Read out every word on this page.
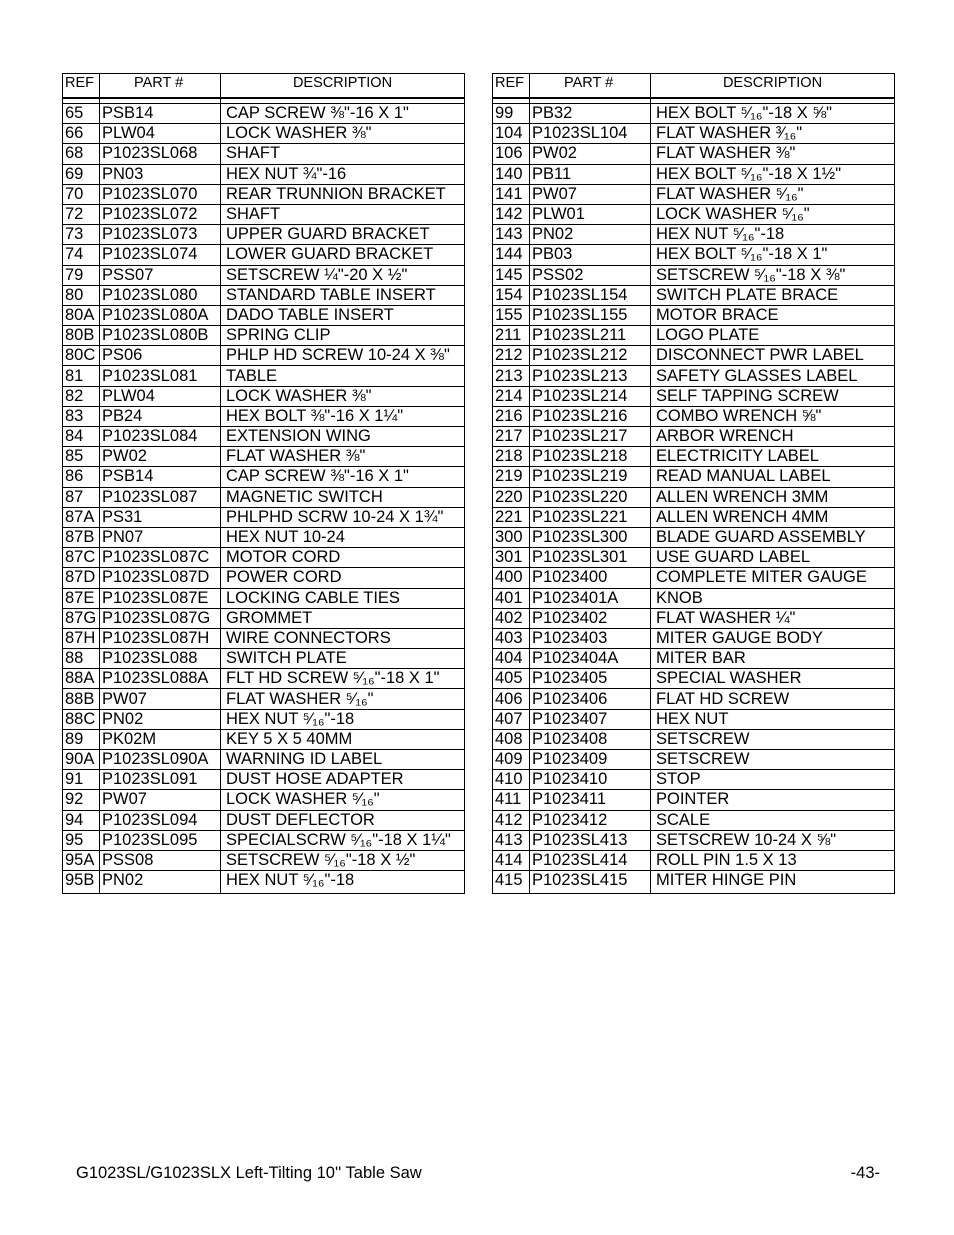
REF	PART #	DESCRIPTION

65	PSB14	CAP SCREW ⅜"-16 X 1"
66	PLW04	LOCK WASHER ⅜"
68	P1023SL068	SHAFT
69	PN03	HEX NUT ¾"-16
70	P1023SL070	REAR TRUNNION BRACKET
72	P1023SL072	SHAFT
73	P1023SL073	UPPER GUARD BRACKET
74	P1023SL074	LOWER GUARD BRACKET
79	PSS07	SETSCREW ¼"-20 X ½"
80	P1023SL080	STANDARD TABLE INSERT
80A	P1023SL080A	DADO TABLE INSERT
80B	P1023SL080B	SPRING CLIP
80C	PS06	PHLP HD SCREW 10-24 X ⅜"
81	P1023SL081	TABLE
82	PLW04	LOCK WASHER ⅜"
83	PB24	HEX BOLT ⅜"-16 X 1¼"
84	P1023SL084	EXTENSION WING
85	PW02	FLAT WASHER ⅜"
86	PSB14	CAP SCREW ⅜"-16 X 1"
87	P1023SL087	MAGNETIC SWITCH
87A	PS31	PHLPHD SCRW 10-24 X 1¾"
87B	PN07	HEX NUT 10-24
87C	P1023SL087C	MOTOR CORD
87D	P1023SL087D	POWER CORD
87E	P1023SL087E	LOCKING CABLE TIES
87G	P1023SL087G	GROMMET
87H	P1023SL087H	WIRE CONNECTORS
88	P1023SL088	SWITCH PLATE
88A	P1023SL088A	FLT HD SCREW ⁵⁄₁₆"-18 X 1"
88B	PW07	FLAT WASHER ⁵⁄₁₆"
88C	PN02	HEX NUT ⁵⁄₁₆"-18
89	PK02M	KEY 5 X 5 40MM
90A	P1023SL090A	WARNING ID LABEL
91	P1023SL091	DUST HOSE ADAPTER
92	PW07	LOCK WASHER ⁵⁄₁₆"
94	P1023SL094	DUST DEFLECTOR
95	P1023SL095	SPECIALSCRW ⁵⁄₁₆"-18 X 1¼"
95A	PSS08	SETSCREW ⁵⁄₁₆"-18 X ½"
95B	PN02	HEX NUT ⁵⁄₁₆"-18
REF	PART #	DESCRIPTION

99	PB32	HEX BOLT ⁵⁄₁₆"-18 X ⅝"
104	P1023SL104	FLAT WASHER ³⁄₁₆"
106	PW02	FLAT WASHER ⅜"
140	PB11	HEX BOLT ⁵⁄₁₆"-18 X 1½"
141	PW07	FLAT WASHER ⁵⁄₁₆"
142	PLW01	LOCK WASHER ⁵⁄₁₆"
143	PN02	HEX NUT ⁵⁄₁₆"-18
144	PB03	HEX BOLT ⁵⁄₁₆"-18 X 1"
145	PSS02	SETSCREW ⁵⁄₁₆"-18 X ⅜"
154	P1023SL154	SWITCH PLATE BRACE
155	P1023SL155	MOTOR BRACE
211	P1023SL211	LOGO PLATE
212	P1023SL212	DISCONNECT PWR LABEL
213	P1023SL213	SAFETY GLASSES LABEL
214	P1023SL214	SELF TAPPING SCREW
216	P1023SL216	COMBO WRENCH ⅝"
217	P1023SL217	ARBOR WRENCH
218	P1023SL218	ELECTRICITY LABEL
219	P1023SL219	READ MANUAL LABEL
220	P1023SL220	ALLEN WRENCH 3MM
221	P1023SL221	ALLEN WRENCH 4MM
300	P1023SL300	BLADE GUARD ASSEMBLY
301	P1023SL301	USE GUARD LABEL
400	P1023400	COMPLETE MITER GAUGE
401	P1023401A	KNOB
402	P1023402	FLAT WASHER ¼"
403	P1023403	MITER GAUGE BODY
404	P1023404A	MITER BAR
405	P1023405	SPECIAL WASHER
406	P1023406	FLAT HD SCREW
407	P1023407	HEX NUT
408	P1023408	SETSCREW
409	P1023409	SETSCREW
410	P1023410	STOP
411	P1023411	POINTER
412	P1023412	SCALE
413	P1023SL413	SETSCREW 10-24 X ⅝"
414	P1023SL414	ROLL PIN 1.5 X 13
415	P1023SL415	MITER HINGE PIN
G1023SL/G1023SLX Left-Tilting 10'' Table Saw	-43-
